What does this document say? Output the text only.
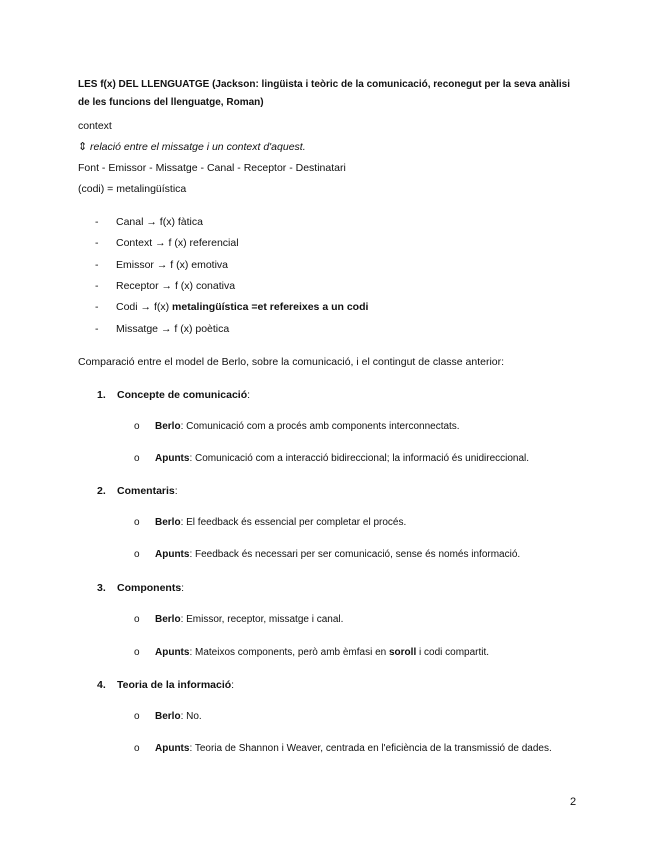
LES f(x) DEL LLENGUATGE (Jackson: lingüista i teòric de la comunicació, reconegut per la seva anàlisi
de les funcions del llenguatge, Roman)
context
⇕ relació entre el missatge i un context d'aquest.
Font - Emissor - Missatge - Canal - Receptor - Destinatari
(codi) = metalingüística
- Canal → f(x) fàtica
- Context → f (x) referencial
- Emissor → f (x) emotiva
- Receptor → f (x) conativa
- Codi → f(x) metalingüística =et refereixes a un codi
- Missatge → f (x) poètica
Comparació entre el model de Berlo, sobre la comunicació, i el contingut de classe anterior:
1. Concepte de comunicació:
o Berlo: Comunicació com a procés amb components interconnectats.
o Apunts: Comunicació com a interacció bidireccional; la informació és unidireccional.
2. Comentaris:
o Berlo: El feedback és essencial per completar el procés.
o Apunts: Feedback és necessari per ser comunicació, sense és només informació.
3. Components:
o Berlo: Emissor, receptor, missatge i canal.
o Apunts: Mateixos components, però amb èmfasi en soroll i codi compartit.
4. Teoria de la informació:
o Berlo: No.
o Apunts: Teoria de Shannon i Weaver, centrada en l'eficiència de la transmissió de dades.
2
